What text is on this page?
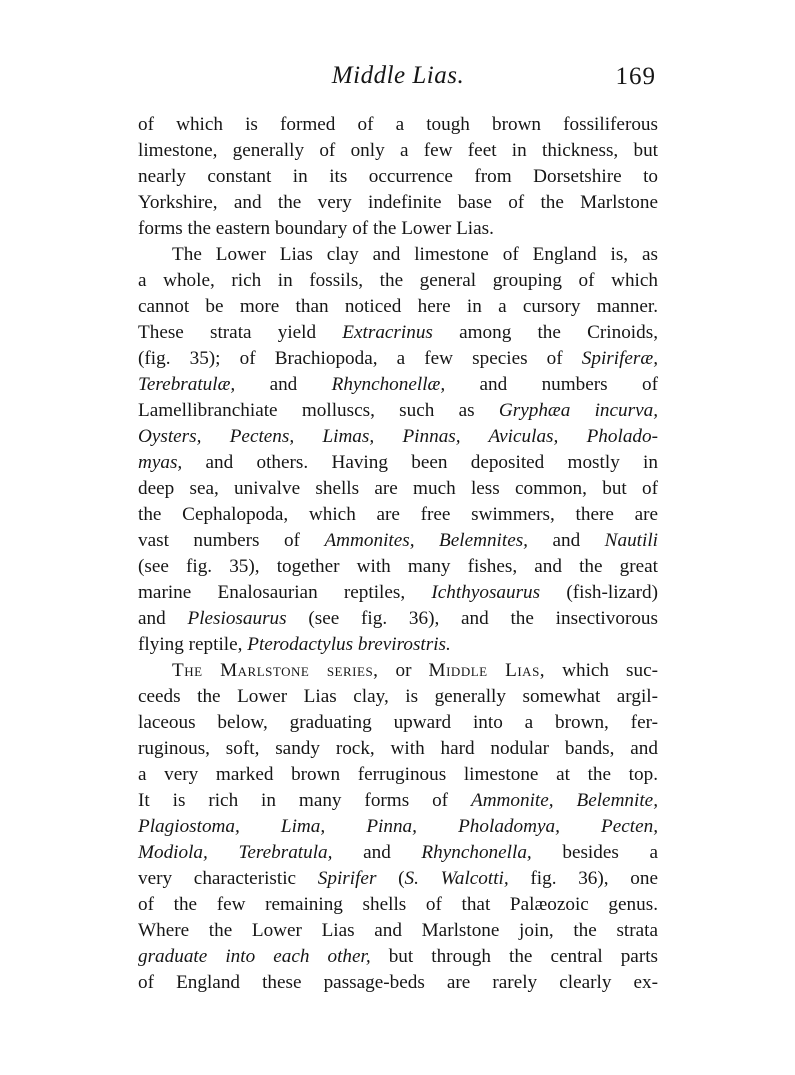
Middle Lias.	169
of which is formed of a tough brown fossiliferous
limestone, generally of only a few feet in thickness, but
nearly constant in its occurrence from Dorsetshire to
Yorkshire, and the very indefinite base of the Marlstone
forms the eastern boundary of the Lower Lias.
The Lower Lias clay and limestone of England is, as
a whole, rich in fossils, the general grouping of which
cannot be more than noticed here in a cursory manner.
These strata yield Extracrinus among the Crinoids,
(fig. 35); of Brachiopoda, a few species of Spiriferæ,
Terebratulæ, and Rhynchonellæ, and numbers of
Lamellibranchiate molluscs, such as Gryphæa incurva,
Oysters, Pectens, Limas, Pinnas, Aviculas, Pholado-
myas, and others. Having been deposited mostly in
deep sea, univalve shells are much less common, but of
the Cephalopoda, which are free swimmers, there are
vast numbers of Ammonites, Belemnites, and Nautili
(see fig. 35), together with many fishes, and the great
marine Enalosaurian reptiles, Ichthyosaurus (fish-lizard)
and Plesiosaurus (see fig. 36), and the insectivorous
flying reptile, Pterodactylus brevirostris.
The Marlstone series, or Middle Lias, which suc-
ceeds the Lower Lias clay, is generally somewhat argil-
laceous below, graduating upward into a brown, fer-
ruginous, soft, sandy rock, with hard nodular bands, and
a very marked brown ferruginous limestone at the top.
It is rich in many forms of Ammonite, Belemnite,
Plagiostoma, Lima, Pinna, Pholadomya, Pecten,
Modiola, Terebratula, and Rhynchonella, besides a
very characteristic Spirifer (S. Walcotti, fig. 36), one
of the few remaining shells of that Palæozoic genus.
Where the Lower Lias and Marlstone join, the strata
graduate into each other, but through the central parts
of England these passage-beds are rarely clearly ex-
